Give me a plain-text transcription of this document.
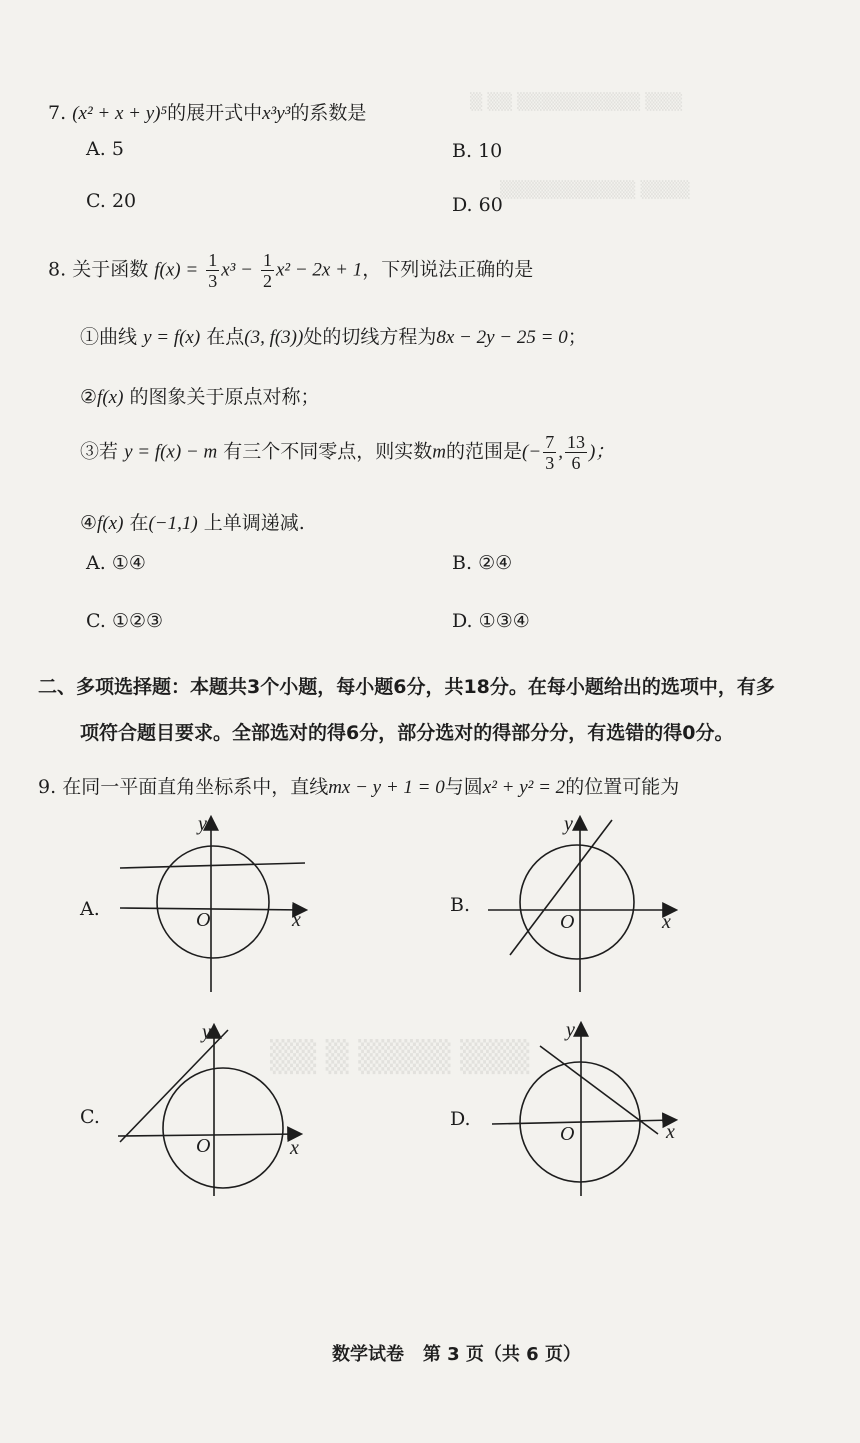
▒ ▒▒ ▒▒▒▒▒▒▒▒▒▒ ▒▒▒
▒▒▒▒▒▒▒▒▒▒▒ ▒▒▒▒
▒▒ ▒ ▒▒▒▒ ▒▒▒
7. (x² + x + y)⁵的展开式中x³y³的系数是
A. 5	B. 10
C. 20	D. 60
8. 关于函数 $f(x) = \frac{1}{3} x^3 - \frac{1}{2} x^2 - 2x + 1$，下列说法正确的是
①曲线 y = f(x) 在点(3, f(3))处的切线方程为8x − 2y − 25 = 0；
②f(x) 的图象关于原点对称；
③若 y = f(x) − m 有三个不同零点，则实数m的范围是(− $\frac{7}{3}$ , $\frac{13}{6}$ )；
④f(x) 在(−1,1) 上单调递减.
A. ①④	B. ②④
C. ①②③	D. ①③④
二、多项选择题：本题共3个小题，每小题6分，共18分。在每小题给出的选项中，有多
项符合题目要求。全部选对的得6分，部分选对的得部分分，有选错的得0分。
9. 在同一平面直角坐标系中，直线mx − y + 1 = 0与圆x² + y² = 2的位置可能为
A.
y
O	x
B.
y
O	x
C.
y
O	x
D.
y
O	x
数学试卷 第 3 页（共 6 页）
